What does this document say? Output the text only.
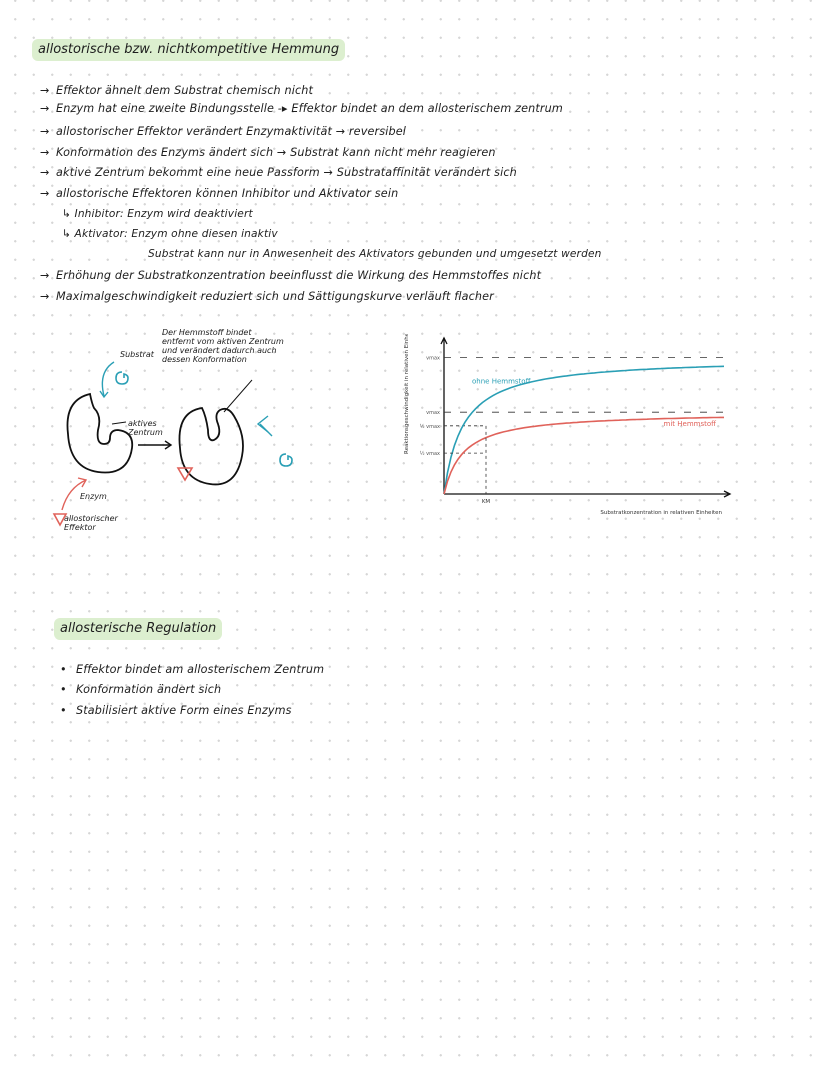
allostorische bzw. nichtkompetitive Hemmung
→ Effektor ähnelt dem Substrat chemisch nicht
→ Enzym hat eine zweite Bindungsstelle -▸ Effektor bindet an dem allosterischem zentrum
→ allostorischer Effektor verändert Enzymaktivität → reversibel
→ Konformation des Enzyms ändert sich → Substrat kann nicht mehr reagieren
→ aktive Zentrum bekommt eine neue Passform → Substrataffinität verändert sich
→ allostorische Effektoren können Inhibitor und Aktivator sein
↳ Inhibitor: Enzym wird deaktiviert
↳ Aktivator: Enzym ohne diesen inaktiv
Substrat kann nur in Anwesenheit des Aktivators gebunden und umgesetzt werden
→ Erhöhung der Substratkonzentration beeinflusst die Wirkung des Hemmstoffes nicht
→ Maximalgeschwindigkeit reduziert sich und Sättigungskurve verläuft flacher
Der Hemmstoff bindet
entfernt vom aktiven Zentrum
und verändert dadurch auch
dessen Konformation
Substrat
aktives
Zentrum
Enzym
allostorischer
Effektor
Reaktionsgeschwindigkeit in relativen Einheiten
Substratkonzentration in relativen Einheiten
vmax
½ vmax
vmax
½ vmax
KM
ohne Hemmstoff
mit Hemmstoff
allosterische Regulation
• Effektor bindet am allosterischem Zentrum
• Konformation ändert sich
• Stabilisiert aktive Form eines Enzyms
